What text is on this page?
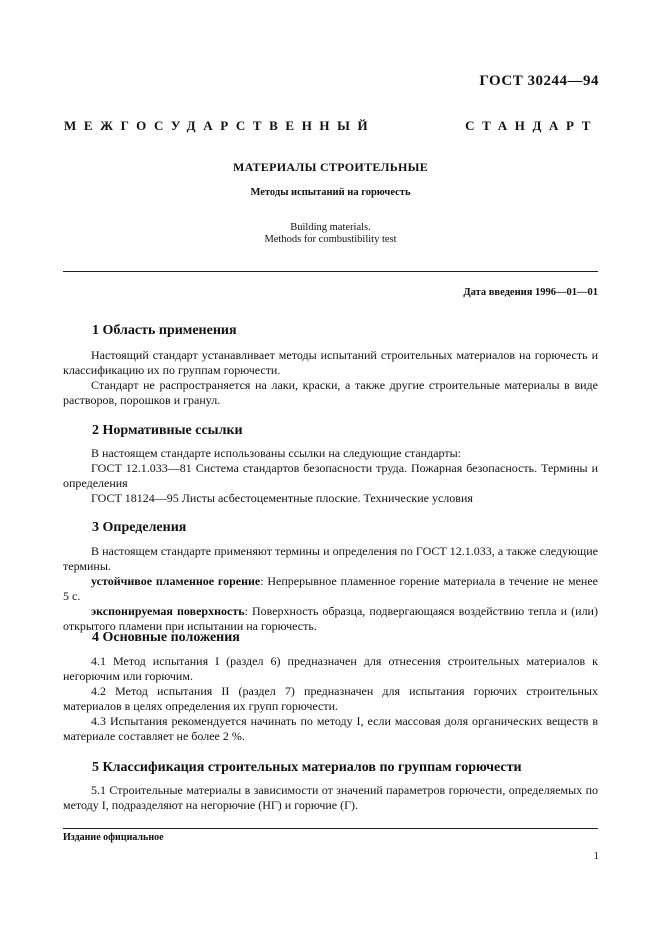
ГОСТ 30244—94
МЕЖГОСУДАРСТВЕННЫЙ	СТАНДАРТ
МАТЕРИАЛЫ СТРОИТЕЛЬНЫЕ
Методы испытаний на горючесть
Building materials.
Methods for combustibility test
Дата введения 1996—01—01
1 Область применения
Настоящий стандарт устанавливает методы испытаний строительных материалов на горючесть и классификацию их по группам горючести.
Стандарт не распространяется на лаки, краски, а также другие строительные материалы в виде растворов, порошков и гранул.
2 Нормативные ссылки
В настоящем стандарте использованы ссылки на следующие стандарты:
ГОСТ 12.1.033—81 Система стандартов безопасности труда. Пожарная безопасность. Термины и определения
ГОСТ 18124—95 Листы асбестоцементные плоские. Технические условия
3 Определения
В настоящем стандарте применяют термины и определения по ГОСТ 12.1.033, а также следующие термины.
устойчивое пламенное горение: Непрерывное пламенное горение материала в течение не менее 5 с.
экспонируемая поверхность: Поверхность образца, подвергающаяся воздействию тепла и (или) открытого пламени при испытании на горючесть.
4 Основные положения
4.1 Метод испытания I (раздел 6) предназначен для отнесения строительных материалов к негорючим или горючим.
4.2 Метод испытания II (раздел 7) предназначен для испытания горючих строительных материалов в целях определения их групп горючести.
4.3 Испытания рекомендуется начинать по методу I, если массовая доля органических веществ в материале составляет не более 2 %.
5 Классификация строительных материалов по группам горючести
5.1 Строительные материалы в зависимости от значений параметров горючести, определяемых по методу I, подразделяют на негорючие (НГ) и горючие (Г).
Издание официальное
1
